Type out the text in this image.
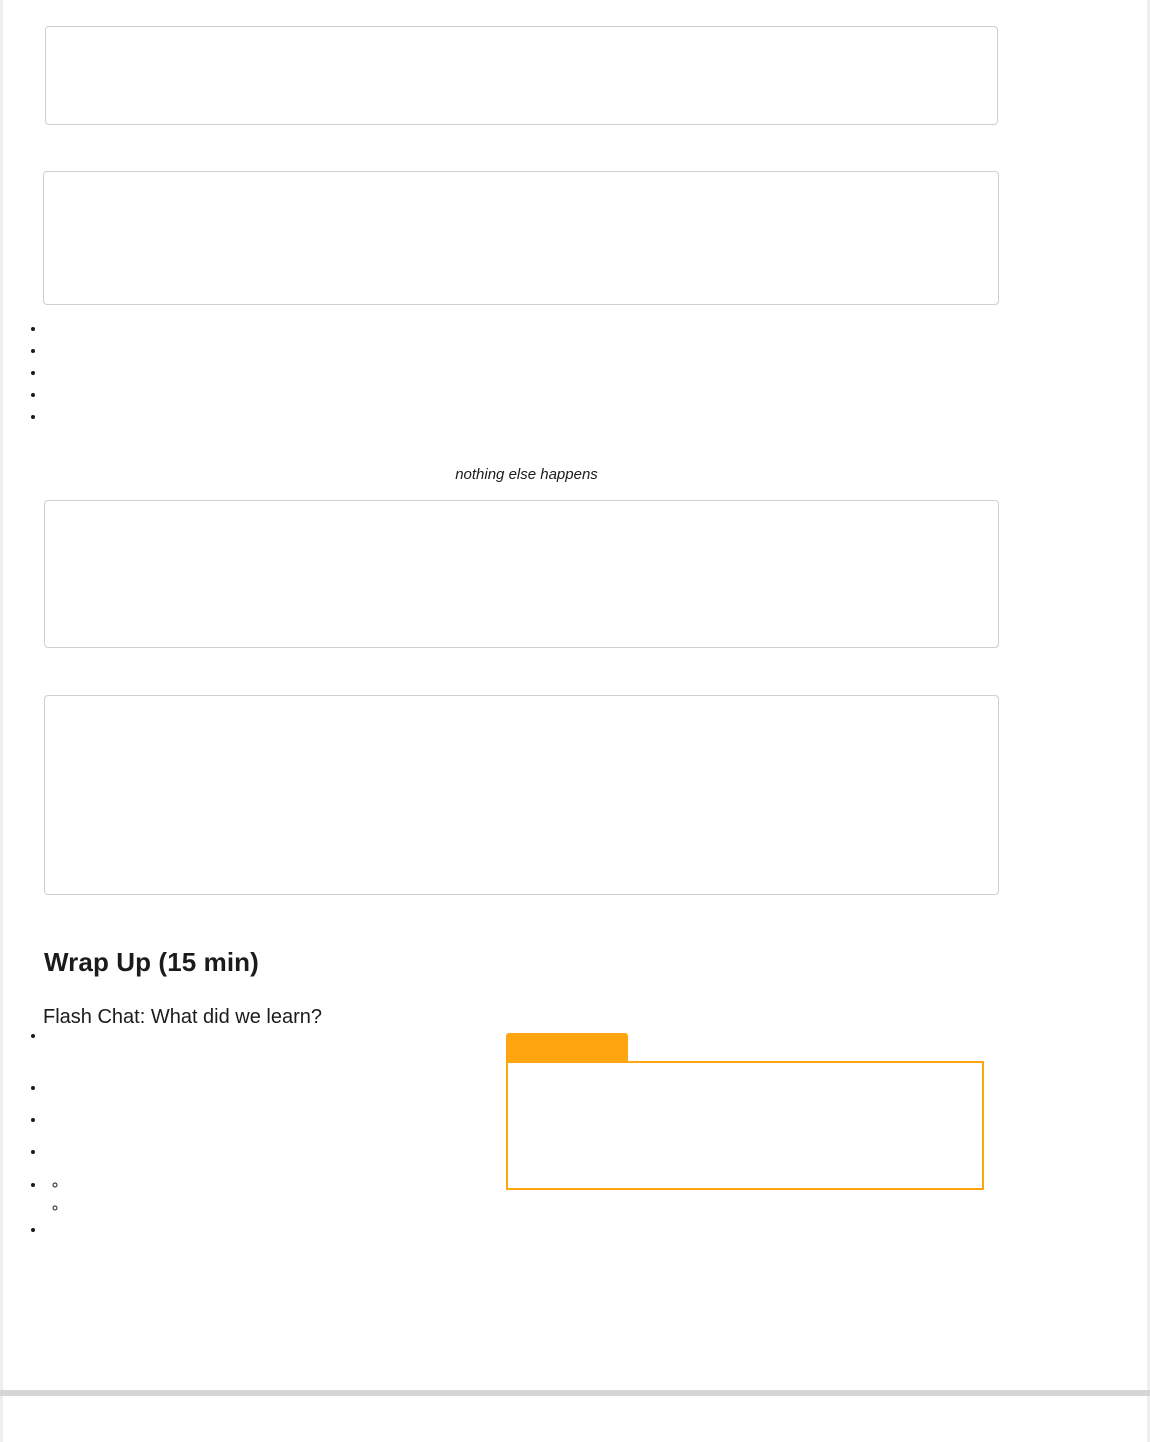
nothing else happens
Wrap Up (15 min)

Flash Chat: What did we learn?

•
•
•
•
•
•
